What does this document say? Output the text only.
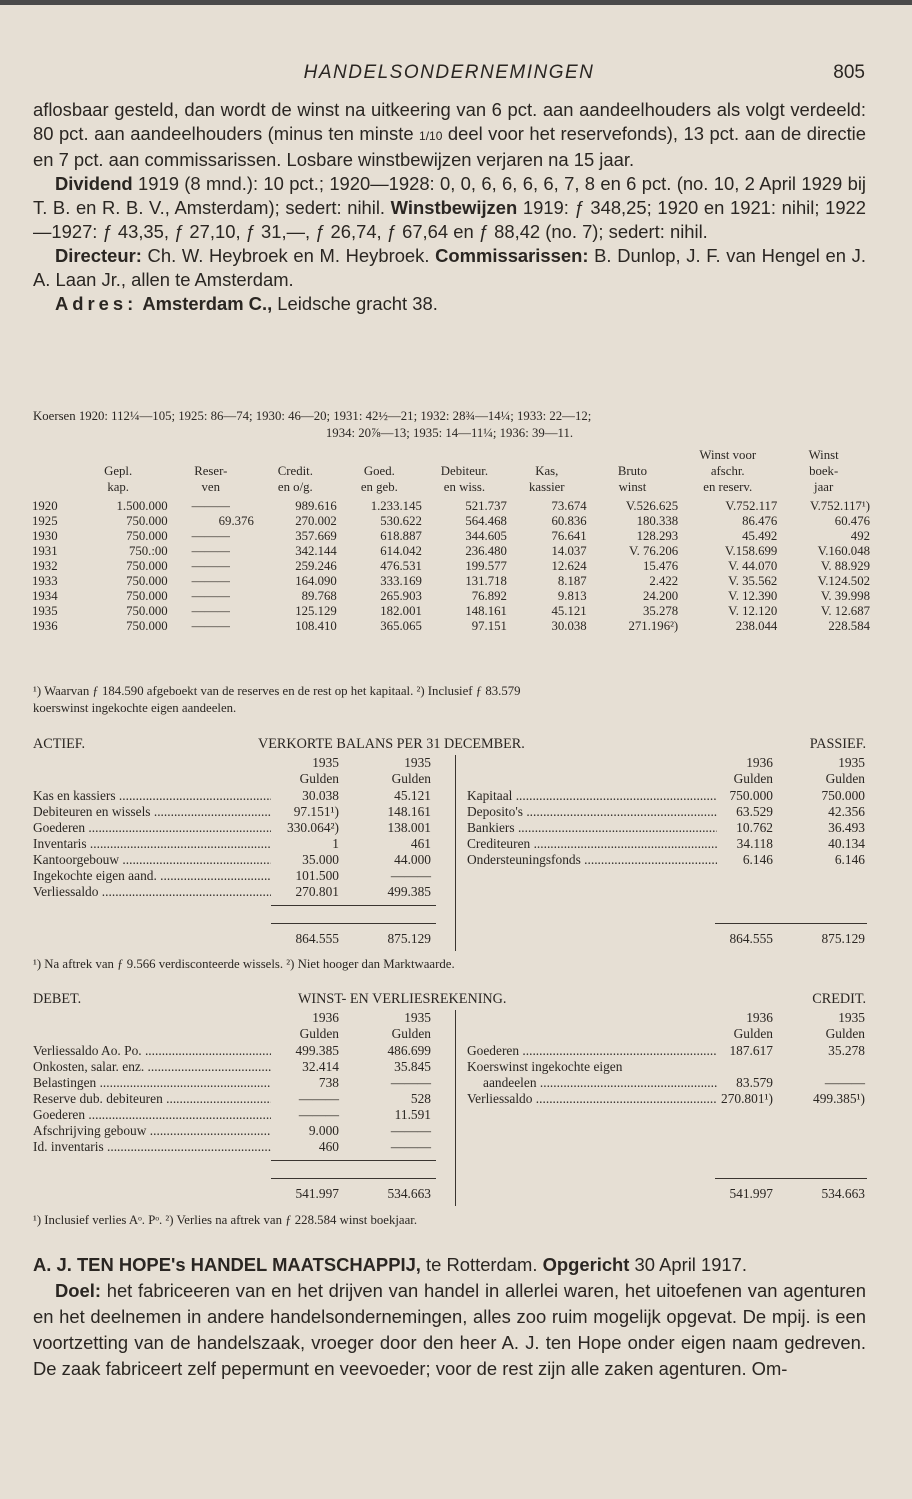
HANDELSONDERNEMINGEN	805

aflosbaar gesteld, dan wordt de winst na uitkeering van 6 pct. aan aandeelhouders als volgt verdeeld: 80 pct. aan aandeelhouders (minus ten minste 1/10 deel voor het reservefonds), 13 pct. aan de directie en 7 pct. aan commissarissen. Losbare winstbewijzen verjaren na 15 jaar.

Dividend 1919 (8 mnd.): 10 pct.; 1920—1928: 0, 0, 6, 6, 6, 6, 7, 8 en 6 pct. (no. 10, 2 April 1929 bij T. B. en R. B. V., Amsterdam); sedert: nihil. Winstbewijzen 1919: ƒ 348,25; 1920 en 1921: nihil; 1922—1927: ƒ 43,35, ƒ 27,10, ƒ 31,—, ƒ 26,74, ƒ 67,64 en ƒ 88,42 (no. 7); sedert: nihil.

Directeur: Ch. W. Heybroek en M. Heybroek. Commissarissen: B. Dunlop, J. F. van Hengel en J. A. Laan Jr., allen te Amsterdam.

Adres: Amsterdam C., Leidsche gracht 38.

Koersen 1920: 112¼—105; 1925: 86—74; 1930: 46—20; 1931: 42½—21; 1932: 28¾—14¼; 1933: 22—12;
1934: 20⅞—13; 1935: 14—11¼; 1936: 39—11.
								Winst voor	Winst
	Gepl.	Reser-	Credit.	Goed.	Debiteur.	Kas,	Bruto	afschr.	boek-
	kap.	ven	en o/g.	en geb.	en wiss.	kassier	winst	en reserv.	jaar

1920	1.500.000	———	989.616	1.233.145	521.737	73.674	V.526.625	V.752.117	V.752.117¹)
1925	750.000	69.376	270.002	530.622	564.468	60.836	180.338	86.476	60.476
1930	750.000	———	357.669	618.887	344.605	76.641	128.293	45.492	492
1931	750.:00	———	342.144	614.042	236.480	14.037	V. 76.206	V.158.699	V.160.048
1932	750.000	———	259.246	476.531	199.577	12.624	15.476	V. 44.070	V. 88.929
1933	750.000	———	164.090	333.169	131.718	8.187	2.422	V. 35.562	V.124.502
1934	750.000	———	89.768	265.903	76.892	9.813	24.200	V. 12.390	V. 39.998
1935	750.000	———	125.129	182.001	148.161	45.121	35.278	V. 12.120	V. 12.687
1936	750.000	———	108.410	365.065	97.151	30.038	271.196²)	238.044	228.584
¹) Waarvan ƒ 184.590 afgeboekt van de reserves en de rest op het kapitaal. ²) Inclusief ƒ 83.579
koerswinst ingekochte eigen aandeelen.
ACTIEF.	VERKORTE BALANS PER 31 DECEMBER.	PASSIEF.
1935	1935	1936	1935
Gulden	Gulden	Gulden	Gulden
Kas en kassiers .....	30.038	45.121
Debiteuren en wissels .....	97.151¹)	148.161
Goederen .....	330.064²)	138.001
Inventaris .....	1	461
Kantoorgebouw .....	35.000	44.000
Ingekochte eigen aand. .....	101.500	———
Verliessaldo .....	270.801	499.385
Kapitaal .....	750.000	750.000
Deposito's .....	63.529	42.356
Bankiers .....	10.762	36.493
Crediteuren .....	34.118	40.134
Ondersteuningsfonds .....	6.146	6.146
864.555	875.129	864.555	875.129
¹) Na aftrek van ƒ 9.566 verdisconteerde wissels. ²) Niet hooger dan Marktwaarde.
DEBET.	WINST- EN VERLIESREKENING.	CREDIT.
1936	1935	1936	1935
Gulden	Gulden	Gulden	Gulden
Verliessaldo Ao. Po. .....	499.385	486.699
Onkosten, salar. enz. .....	32.414	35.845
Belastingen .....	738	———
Reserve dub. debiteuren .....	———	528
Goederen .....	———	11.591
Afschrijving gebouw .....	9.000	———
Id. inventaris .....	460	———
Goederen .....	187.617	35.278
Koerswinst ingekochte eigen
aandeelen .....	83.579	———
Verliessaldo .....	270.801¹)	499.385¹)
541.997	534.663	541.997	534.663
¹) Inclusief verlies Aᵒ. Pᵒ. ²) Verlies na aftrek van ƒ 228.584 winst boekjaar.

A. J. TEN HOPE's HANDEL MAATSCHAPPIJ, te Rotterdam. Opgericht 30 April 1917.

Doel: het fabriceeren van en het drijven van handel in allerlei waren, het uitoefenen van agenturen en het deelnemen in andere handelsondernemingen, alles zoo ruim mogelijk opgevat. De mpij. is een voortzetting van de handelszaak, vroeger door den heer A. J. ten Hope onder eigen naam gedreven. De zaak fabriceert zelf pepermunt en veevoeder; voor de rest zijn alle zaken agenturen. Om-
